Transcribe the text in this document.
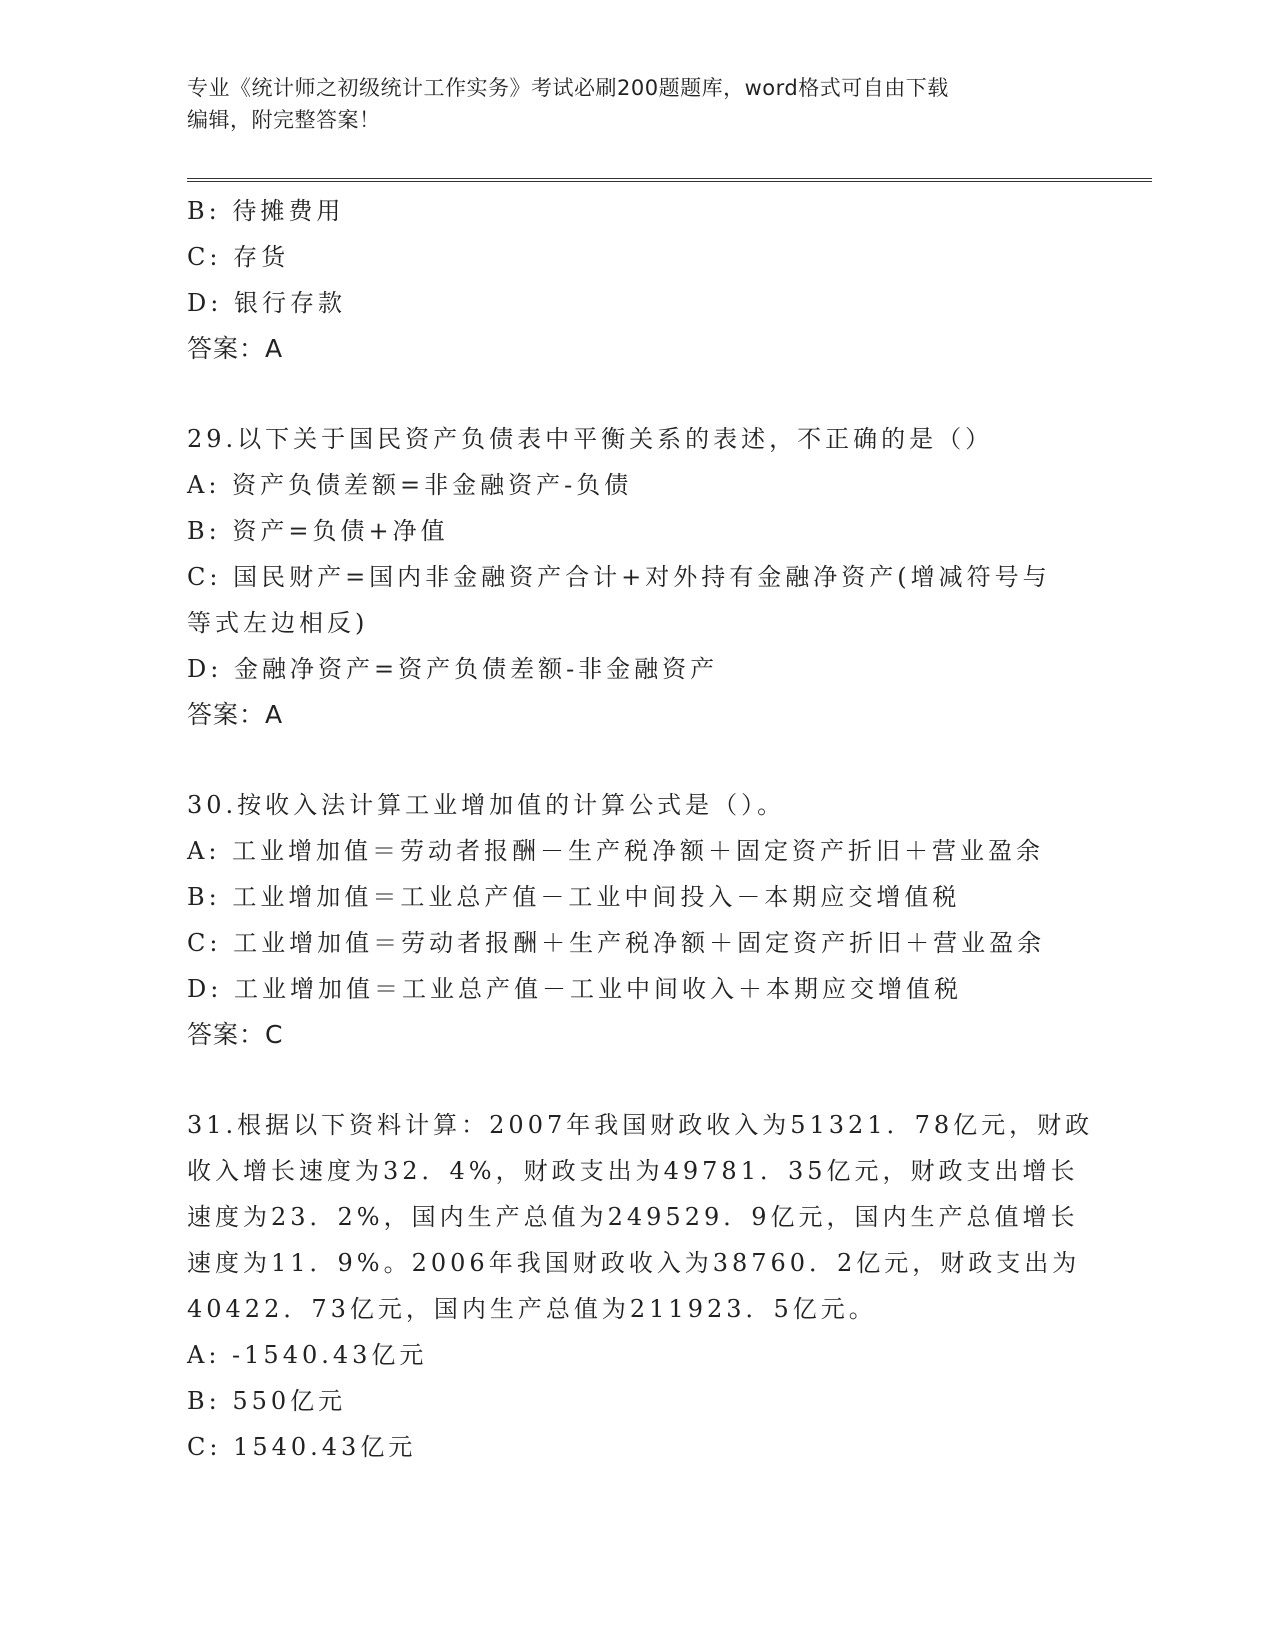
专业《统计师之初级统计工作实务》考试必刷200题题库，word格式可自由下载
编辑，附完整答案！
B: 待摊费用
C: 存货
D: 银行存款
答案：A
29.以下关于国民资产负债表中平衡关系的表述，不正确的是（）
A: 资产负债差额=非金融资产-负债
B: 资产=负债+净值
C: 国民财产=国内非金融资产合计+对外持有金融净资产(增减符号与
等式左边相反)
D: 金融净资产=资产负债差额-非金融资产
答案：A
30.按收入法计算工业增加值的计算公式是（）。
A: 工业增加值＝劳动者报酬－生产税净额＋固定资产折旧＋营业盈余
B: 工业增加值＝工业总产值－工业中间投入－本期应交增值税
C: 工业增加值＝劳动者报酬＋生产税净额＋固定资产折旧＋营业盈余
D: 工业增加值＝工业总产值－工业中间收入＋本期应交增值税
答案：C
31.根据以下资料计算：2007年我国财政收入为51321．78亿元，财政
收入增长速度为32．4%，财政支出为49781．35亿元，财政支出增长
速度为23．2%，国内生产总值为249529．9亿元，国内生产总值增长
速度为11．9%。2006年我国财政收入为38760．2亿元，财政支出为
40422．73亿元，国内生产总值为211923．5亿元。
A: -1540.43亿元
B: 550亿元
C: 1540.43亿元
